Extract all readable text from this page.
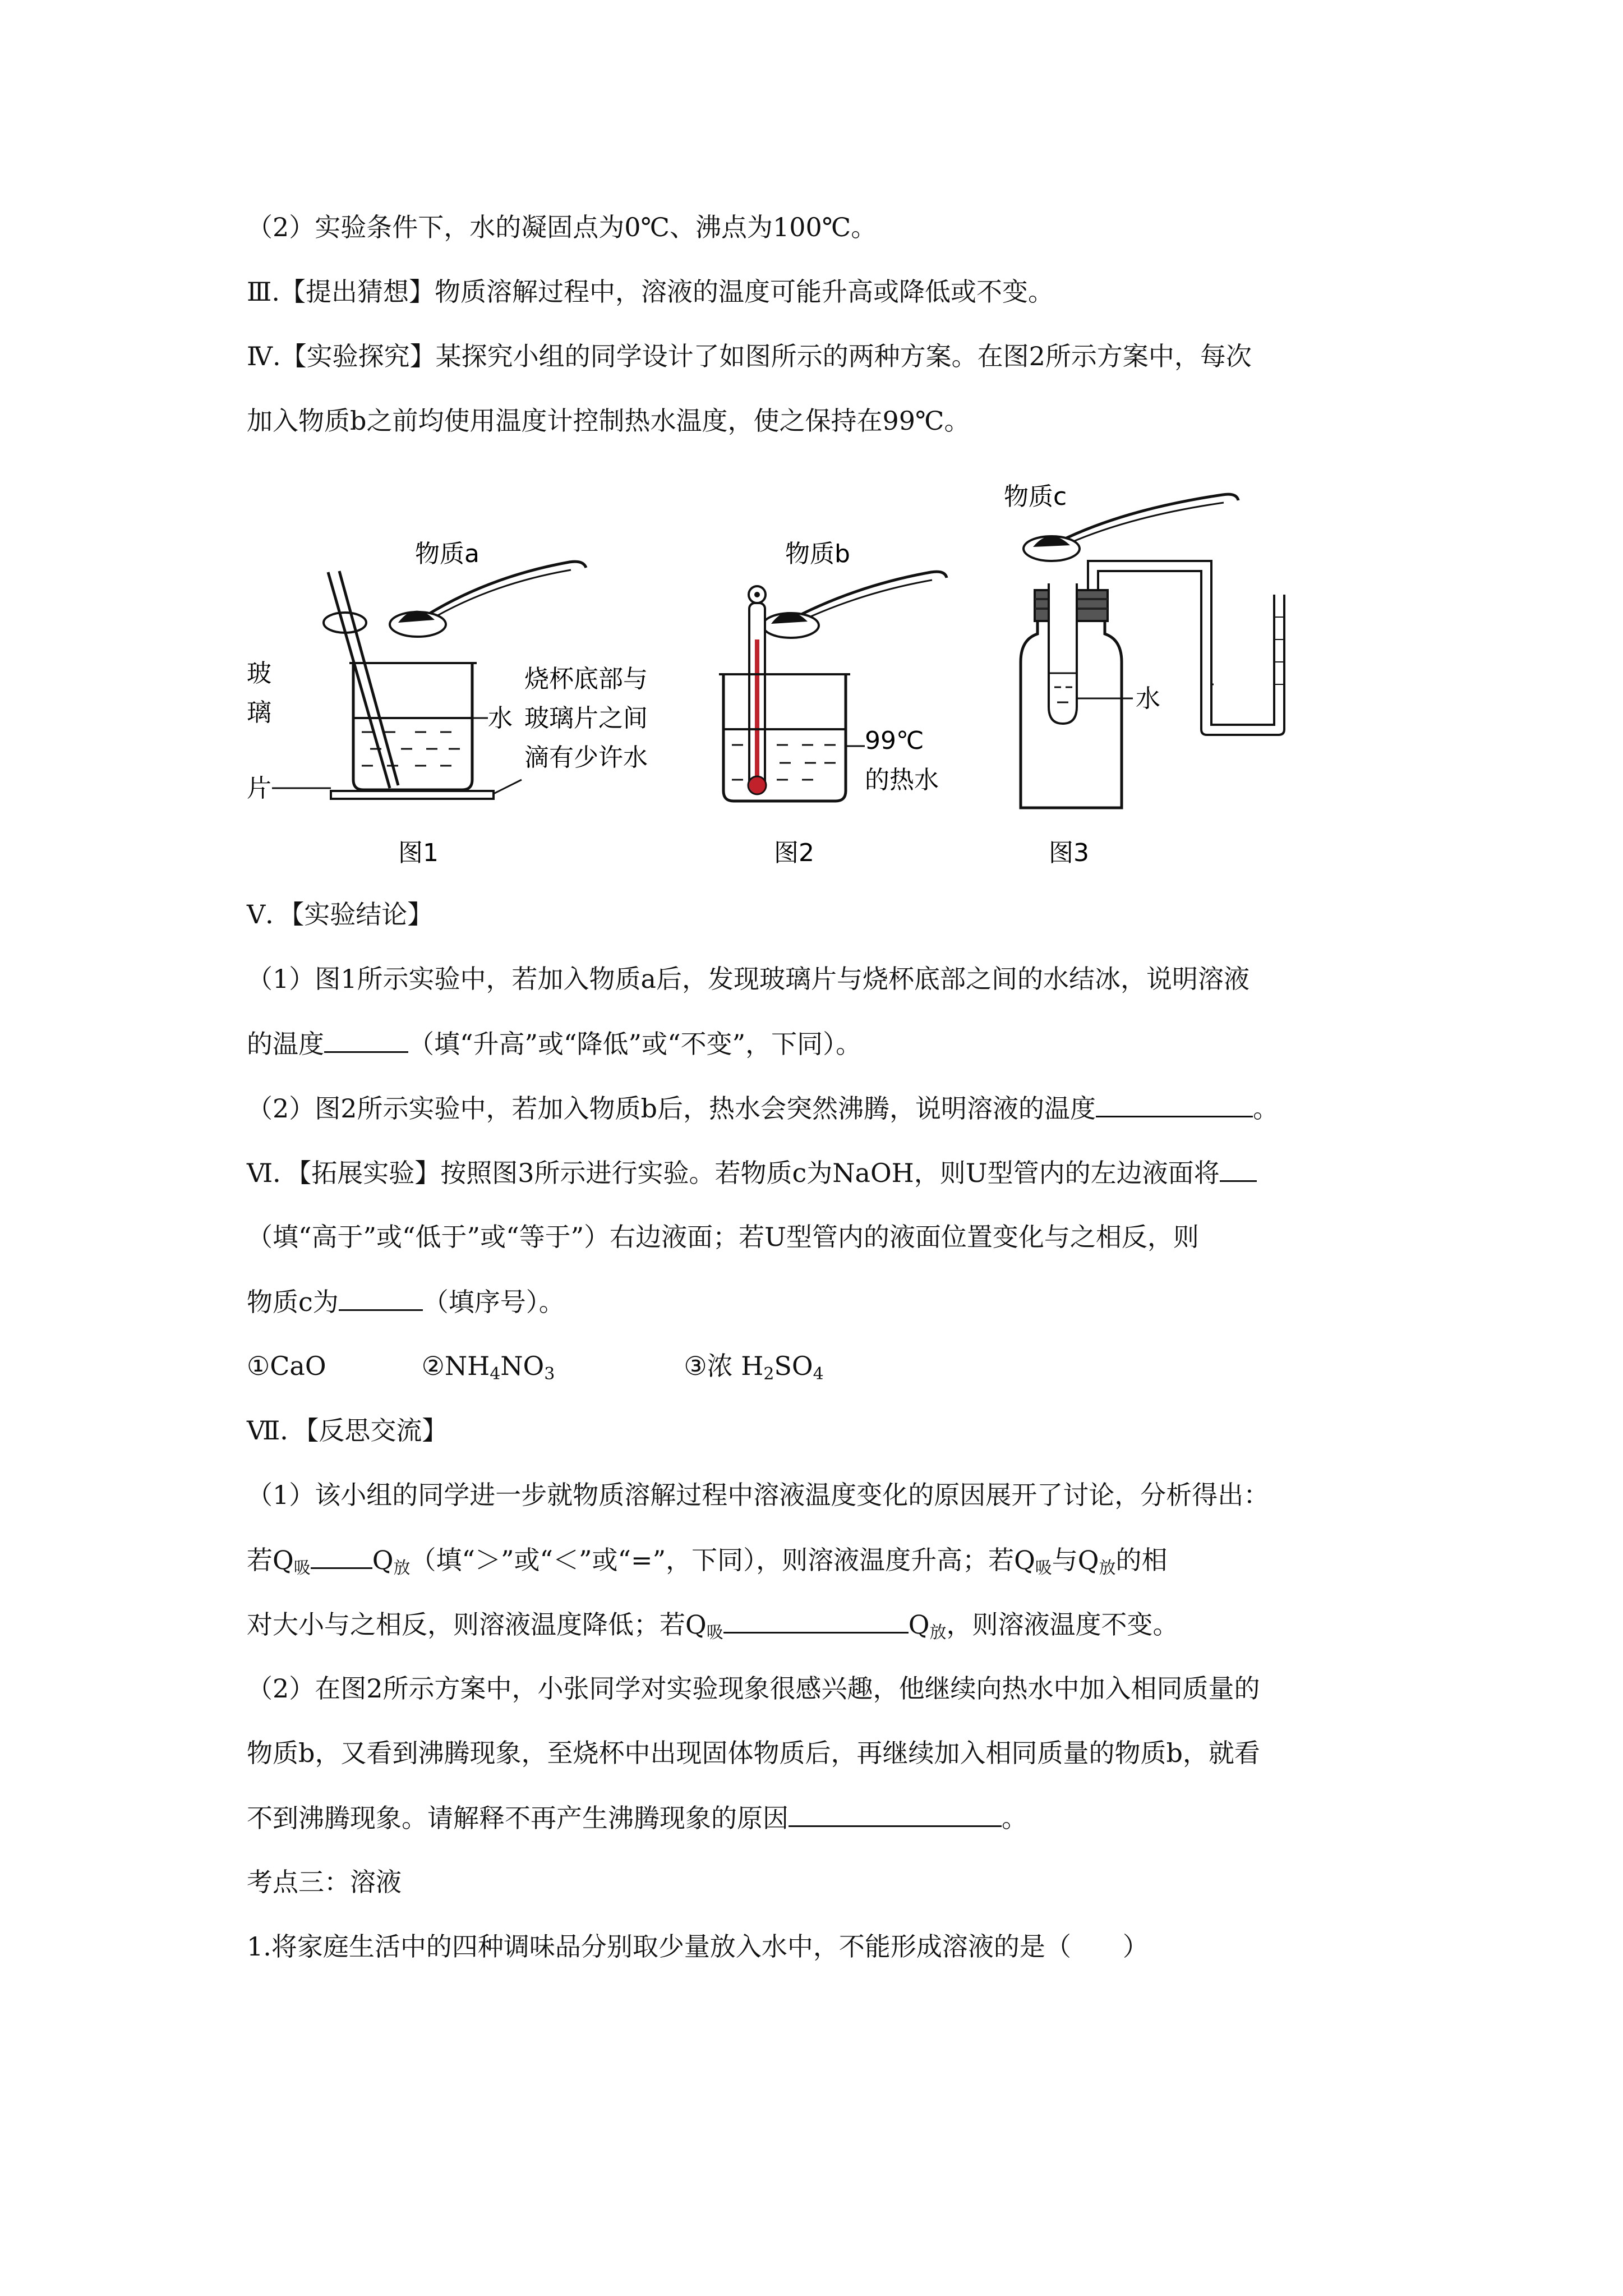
（2）实验条件下，水的凝固点为0℃、沸点为100℃。
Ⅲ.【提出猜想】物质溶解过程中，溶液的温度可能升高或降低或不变。
Ⅳ.【实验探究】某探究小组的同学设计了如图所示的两种方案。在图2所示方案中，每次
加入物质b之前均使用温度计控制热水温度，使之保持在99℃。
物质a
玻
璃
片
水
烧杯底部与
玻璃片之间
滴有少许水
图1
物质b
99℃
的热水
图2
物质c
水
图3
Ⅴ．【实验结论】
（1）图1所示实验中，若加入物质a后，发现玻璃片与烧杯底部之间的水结冰，说明溶液
的温度	（填“升高”或“降低”或“不变”，下同）。
（2）图2所示实验中，若加入物质b后，热水会突然沸腾，说明溶液的温度	。
Ⅵ．【拓展实验】按照图3所示进行实验。若物质c为NaOH，则U型管内的左边液面将
（填“高于”或“低于”或“等于”）右边液面；若U型管内的液面位置变化与之相反，则
物质c为	（填序号）。
①CaO	$②NH_4NO_3$	③浓 $H_2SO_4$
Ⅶ．【反思交流】
（1）该小组的同学进一步就物质溶解过程中溶液温度变化的原因展开了讨论，分析得出：
若$Q_吸$ $Q_放$（填“＞”或“＜”或“=”，下同），则溶液温度升高；若$Q_吸$与$Q_放$的相
对大小与之相反，则溶液温度降低；若$Q_吸$	$Q_放$，则溶液温度不变。
（2）在图2所示方案中，小张同学对实验现象很感兴趣，他继续向热水中加入相同质量的
物质b，又看到沸腾现象，至烧杯中出现固体物质后，再继续加入相同质量的物质b，就看
不到沸腾现象。请解释不再产生沸腾现象的原因	。
考点三：溶液
1.将家庭生活中的四种调味品分别取少量放入水中，不能形成溶液的是（　　）
